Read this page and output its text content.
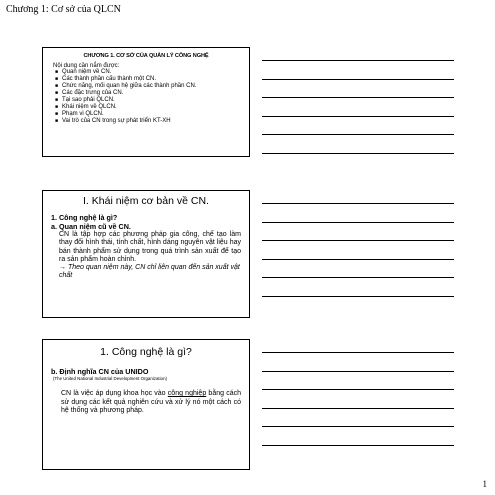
Chương 1: Cơ sở của QLCN
CHƯƠNG 1. CƠ SỞ CỦA QUẢN LÝ CÔNG NGHỆ
Nội dung cần nắm được:
■ Quan niệm về CN.
■ Các thành phần cấu thành một CN.
■ Chức năng, mối quan hệ giữa các thành phần CN.
■ Các đặc trưng của CN.
■ Tại sao phải QLCN.
■ Khái niệm về QLCN.
■ Phạm vi QLCN.
■ Vai trò của CN trong sự phát triển KT-XH
I. Khái niệm cơ bản về CN.
1. Công nghệ là gì?
a. Quan niệm cũ về CN.
CN là tập hợp các phương pháp gia công, chế tạo làm thay đổi hình thái, tính chất, hình dáng nguyên vật liệu hay bán thành phẩm sử dụng trong quá trình sản xuất để tạo ra sản phẩm hoàn chỉnh.
→ Theo quan niệm này, CN chỉ liên quan đến sản xuất vật chất
1. Công nghệ là gì?
b. Định nghĩa CN của UNIDO
(The United National Industrial Development Organization)
CN là việc áp dụng khoa học vào công nghiệp bằng cách sử dụng các kết quả nghiên cứu và xử lý nó một cách có hệ thống và phương pháp.
1
